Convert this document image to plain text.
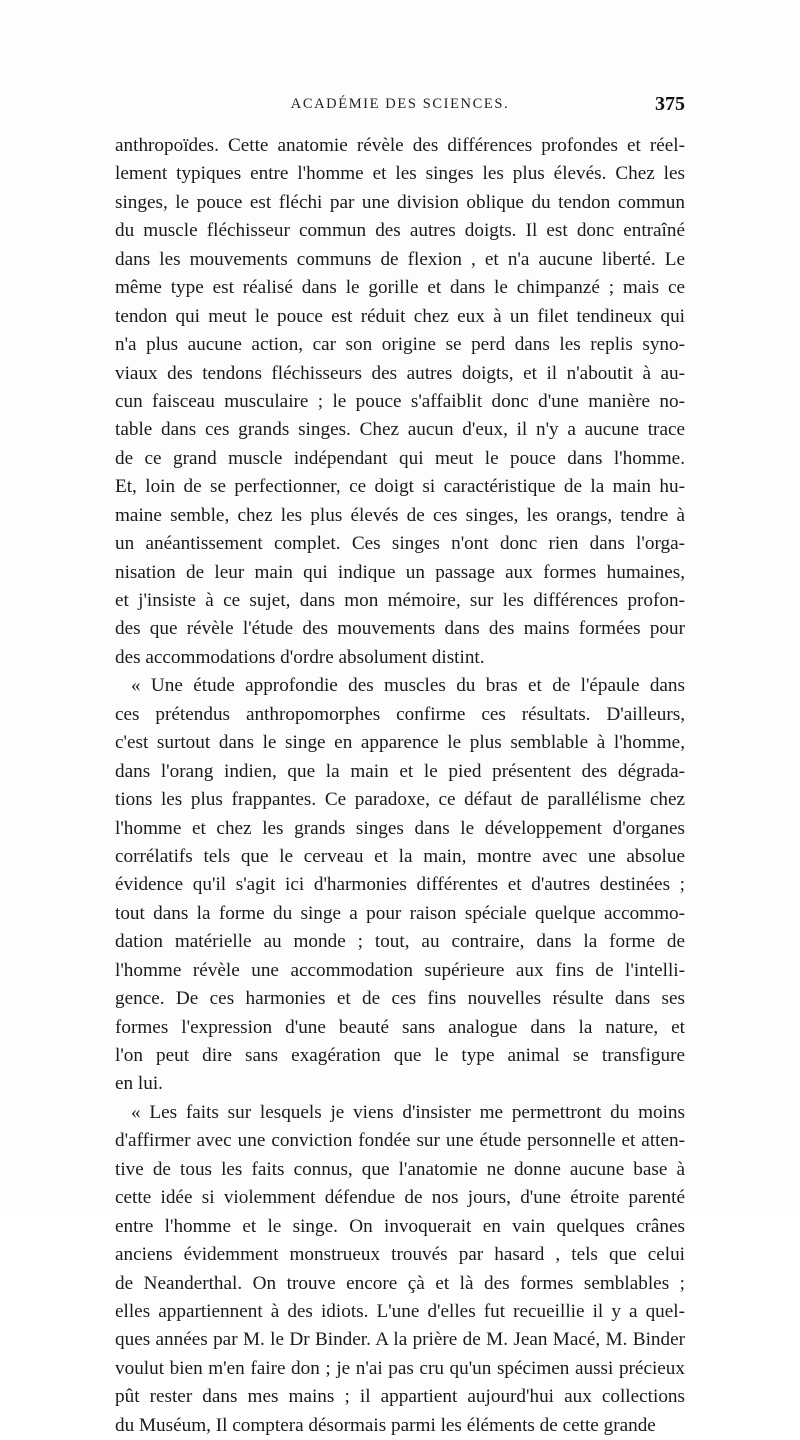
ACADÉMIE DES SCIENCES.	375
anthropoïdes. Cette anatomie révèle des différences profondes et réel-
lement typiques entre l'homme et les singes les plus élevés. Chez les
singes, le pouce est fléchi par une division oblique du tendon commun
du muscle fléchisseur commun des autres doigts. Il est donc entraîné
dans les mouvements communs de flexion , et n'a aucune liberté. Le
même type est réalisé dans le gorille et dans le chimpanzé ; mais ce
tendon qui meut le pouce est réduit chez eux à un filet tendineux qui
n'a plus aucune action, car son origine se perd dans les replis syno-
viaux des tendons fléchisseurs des autres doigts, et il n'aboutit à au-
cun faisceau musculaire ; le pouce s'affaiblit donc d'une manière no-
table dans ces grands singes. Chez aucun d'eux, il n'y a aucune trace
de ce grand muscle indépendant qui meut le pouce dans l'homme.
Et, loin de se perfectionner, ce doigt si caractéristique de la main hu-
maine semble, chez les plus élevés de ces singes, les orangs, tendre à
un anéantissement complet. Ces singes n'ont donc rien dans l'orga-
nisation de leur main qui indique un passage aux formes humaines,
et j'insiste à ce sujet, dans mon mémoire, sur les différences profon-
des que révèle l'étude des mouvements dans des mains formées pour
des accommodations d'ordre absolument distint.
« Une étude approfondie des muscles du bras et de l'épaule dans
ces prétendus anthropomorphes confirme ces résultats. D'ailleurs,
c'est surtout dans le singe en apparence le plus semblable à l'homme,
dans l'orang indien, que la main et le pied présentent des dégrada-
tions les plus frappantes. Ce paradoxe, ce défaut de parallélisme chez
l'homme et chez les grands singes dans le développement d'organes
corrélatifs tels que le cerveau et la main, montre avec une absolue
évidence qu'il s'agit ici d'harmonies différentes et d'autres destinées ;
tout dans la forme du singe a pour raison spéciale quelque accommo-
dation matérielle au monde ; tout, au contraire, dans la forme de
l'homme révèle une accommodation supérieure aux fins de l'intelli-
gence. De ces harmonies et de ces fins nouvelles résulte dans ses
formes l'expression d'une beauté sans analogue dans la nature, et
l'on peut dire sans exagération que le type animal se transfigure
en lui.
« Les faits sur lesquels je viens d'insister me permettront du moins
d'affirmer avec une conviction fondée sur une étude personnelle et atten-
tive de tous les faits connus, que l'anatomie ne donne aucune base à
cette idée si violemment défendue de nos jours, d'une étroite parenté
entre l'homme et le singe. On invoquerait en vain quelques crânes
anciens évidemment monstrueux trouvés par hasard , tels que celui
de Neanderthal. On trouve encore çà et là des formes semblables ;
elles appartiennent à des idiots. L'une d'elles fut recueillie il y a quel-
ques années par M. le Dr Binder. A la prière de M. Jean Macé, M. Binder
voulut bien m'en faire don ; je n'ai pas cru qu'un spécimen aussi précieux
pût rester dans mes mains ; il appartient aujourd'hui aux collections
du Muséum, Il comptera désormais parmi les éléments de cette grande
